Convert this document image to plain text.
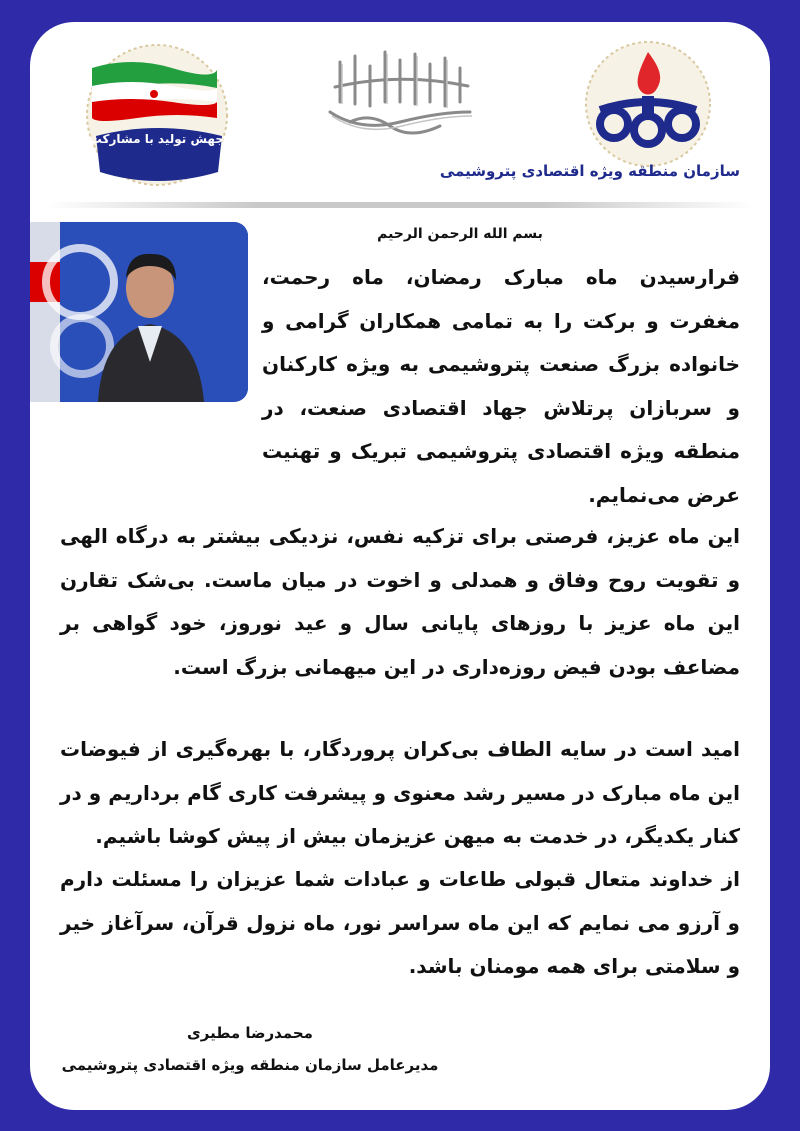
جهش تولید با مشارکت مردم
سازمان منطقه ویژه اقتصادی پتروشیمی
بسم الله الرحمن الرحیم

فرارسیدن ماه مبارک رمضان، ماه رحمت، مغفرت و برکت را به تمامی همکاران گرامی و خانواده بزرگ صنعت پتروشیمی به ویژه کارکنان و سربازان پرتلاش جهاد اقتصادی صنعت، در منطقه ویژه اقتصادی پتروشیمی تبریک و تهنیت عرض می‌نمایم.

این ماه عزیز، فرصتی برای تزکیه نفس، نزدیکی بیشتر به درگاه الهی و تقویت روح وفاق و همدلی و اخوت در میان ماست. بی‌شک تقارن این ماه عزیز با روزهای پایانی سال و عید نوروز، خود گواهی بر مضاعف بودن فیض روزه‌داری در این میهمانی بزرگ است.

امید است در سایه الطاف بی‌کران پروردگار، با بهره‌گیری از فیوضات این ماه مبارک در مسیر رشد معنوی و پیشرفت کاری گام برداریم و در کنار یکدیگر، در خدمت به میهن عزیزمان بیش از پیش کوشا باشیم.

از خداوند متعال قبولی طاعات و عبادات شما عزیزان را مسئلت دارم و آرزو می نمایم که این ماه سراسر نور، ماه نزول قرآن، سرآغاز خیر و سلامتی برای همه مومنان باشد.

محمدرضا مطیری
مدیرعامل سازمان منطقه ویژه اقتصادی پتروشیمی
